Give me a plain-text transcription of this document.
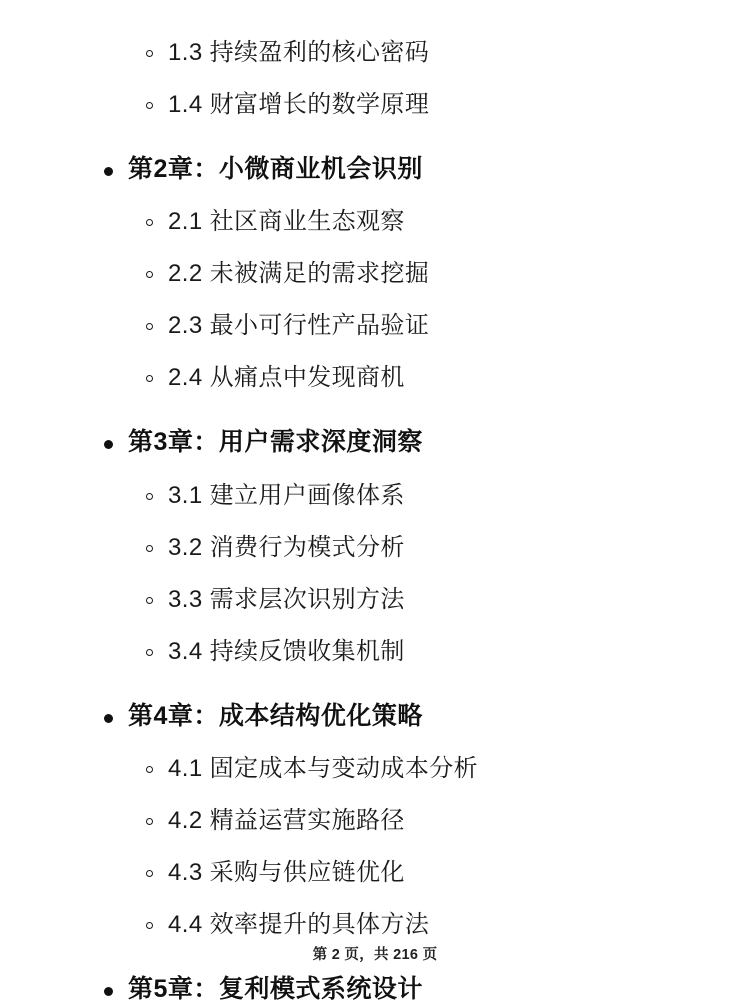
1.3 持续盈利的核心密码
1.4 财富增长的数学原理
第2章：小微商业机会识别
2.1 社区商业生态观察
2.2 未被满足的需求挖掘
2.3 最小可行性产品验证
2.4 从痛点中发现商机
第3章：用户需求深度洞察
3.1 建立用户画像体系
3.2 消费行为模式分析
3.3 需求层次识别方法
3.4 持续反馈收集机制
第4章：成本结构优化策略
4.1 固定成本与变动成本分析
4.2 精益运营实施路径
4.3 采购与供应链优化
4.4 效率提升的具体方法
第5章：复利模式系统设计
第 2 页，共 216 页
